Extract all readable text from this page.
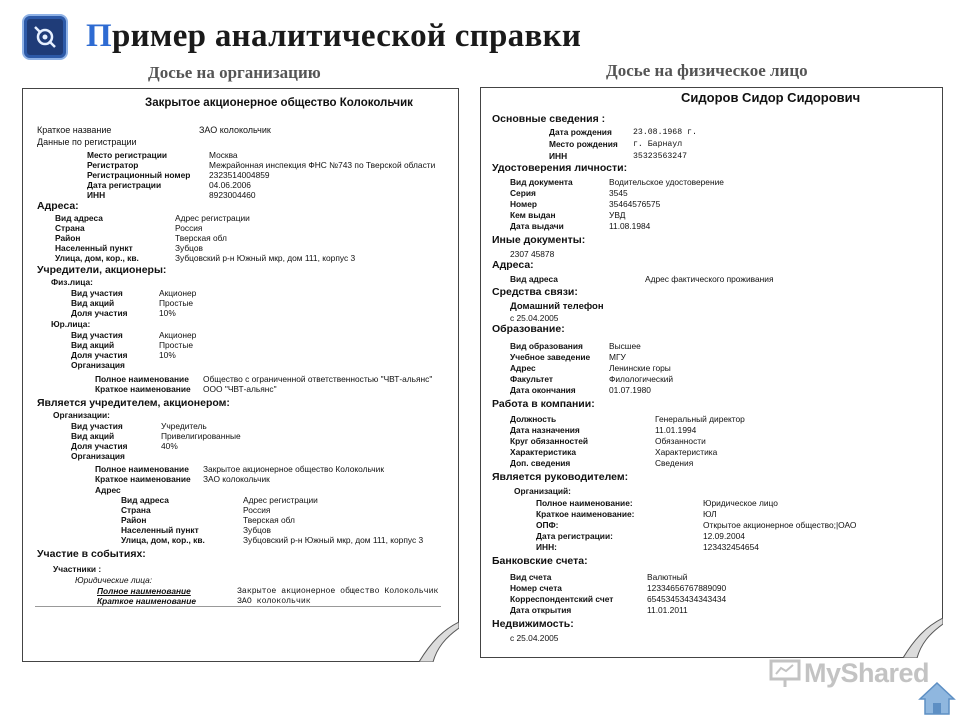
Пример аналитической справки
Досье на организацию	Досье на физическое лицо
Закрытое акционерное общество Колокольчик
Краткое название	ЗАО колокольчик
Данные по регистрации
Место регистрации	Москва
Регистратор	Межрайонная инспекция ФНС №743 по Тверской области
Регистрационный номер 2323514004859
Дата регистрации	04.06.2006
ИНН	8923004460
Адреса:
Вид адреса	Адрес регистрации
Страна	Россия
Район	Тверская обл
Населенный пункт	Зубцов
Улица, дом, кор., кв.	Зубцовский р-н Южный мкр, дом 111, корпус 3
Учредители, акционеры:
Физ.лица:
Вид участия	Акционер
Вид акций	Простые
Доля участия	10%
Юр.лица:
Вид участия	Акционер
Вид акций	Простые
Доля участия	10%
Организация
Полное наименование Общество с ограниченной ответственностью "ЧВТ-альянс"
Краткое наименование ООО "ЧВТ-альянс"
Является учредителем, акционером:
Организации:
Вид участия	Учредитель
Вид акций	Привелигированные
Доля участия	40%
Организация
Полное наименование Закрытое акционерное общество Колокольчик
Краткое наименование ЗАО колокольчик
Адрес
Вид адреса	Адрес регистрации
Страна	Россия
Район	Тверская обл
Населенный пункт	Зубцов
Улица, дом, кор., кв.	Зубцовский р-н Южный мкр, дом 111, корпус 3
Участие в событиях:
Участники :
Юридические лица:
Полное наименование	Закрытое акционерное общество Колокольчик
Краткое наименование	ЗАО колокольчик
Сидоров Сидор Сидорович
Основные сведения :
Дата рождения	23.08.1968 г.
Место рождения г. Барнаул
ИНН	35323563247
Удостоверения личности:
Вид документа	Водительское удостоверение
Серия	3545
Номер	35464576575
Кем выдан	УВД
Дата выдачи	11.08.1984
Иные документы:
2307 45878
Адреса:
Вид адреса	Адрес фактического проживания
Средства связи:
Домашний телефон
с 25.04.2005
Образование:
Вид образования	Высшее
Учебное заведение МГУ
Адрес	Ленинские горы
Факультет	Филологический
Дата окончания	01.07.1980
Работа в компании:
Должность	Генеральный директор
Дата назначения	11.01.1994
Круг обязанностей	Обязанности
Характеристика	Характеристика
Доп. сведения	Сведения
Является руководителем:
Организаций:
Полное наименование:	Юридическое лицо
Краткое наименование:	ЮЛ
ОПФ:	Открытое акционерное общество;|ОАО
Дата регистрации:	12.09.2004
ИНН:	123432454654
Банковские счета:
Вид счета	Валютный
Номер счета	12334656767889090
Корреспондентский счет	65453453434343434
Дата открытия	11.01.2011
Недвижимость:
с 25.04.2005
MyShared
